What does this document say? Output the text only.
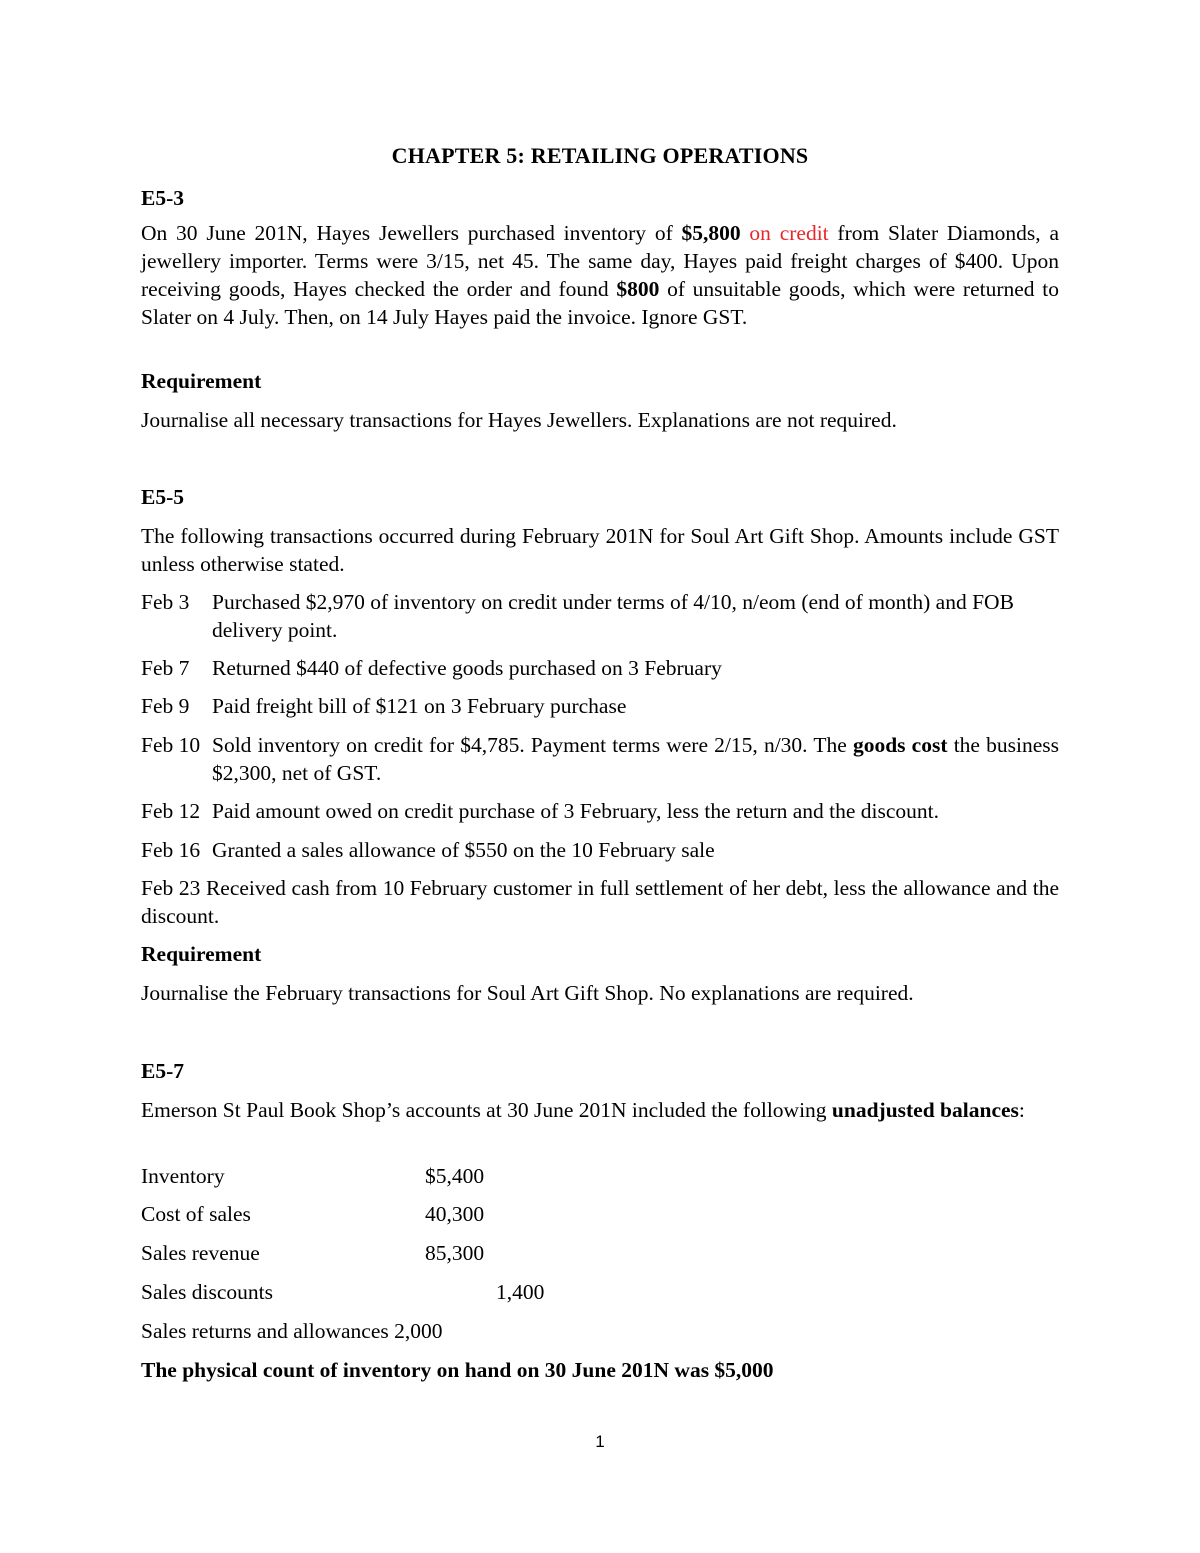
CHAPTER 5: RETAILING OPERATIONS
E5-3
On 30 June 201N, Hayes Jewellers purchased inventory of $5,800 on credit from Slater Diamonds, a jewellery importer. Terms were 3/15, net 45. The same day, Hayes paid freight charges of $400. Upon receiving goods, Hayes checked the order and found $800 of unsuitable goods, which were returned to Slater on 4 July. Then, on 14 July Hayes paid the invoice. Ignore GST.
Requirement
Journalise all necessary transactions for Hayes Jewellers. Explanations are not required.
E5-5
The following transactions occurred during February 201N for Soul Art Gift Shop. Amounts include GST unless otherwise stated.
Feb 3 Purchased $2,970 of inventory on credit under terms of 4/10, n/eom (end of month) and FOB delivery point.
Feb 7 Returned $440 of defective goods purchased on 3 February
Feb 9 Paid freight bill of $121 on 3 February purchase
Feb 10 Sold inventory on credit for $4,785. Payment terms were 2/15, n/30. The goods cost the business $2,300, net of GST.
Feb 12 Paid amount owed on credit purchase of 3 February, less the return and the discount.
Feb 16 Granted a sales allowance of $550 on the 10 February sale
Feb 23 Received cash from 10 February customer in full settlement of her debt, less the allowance and the discount.
Requirement
Journalise the February transactions for Soul Art Gift Shop. No explanations are required.
E5-7
Emerson St Paul Book Shop’s accounts at 30 June 201N included the following unadjusted balances:
Inventory	$5,400
Cost of sales	40,300
Sales revenue	85,300
Sales discounts	1,400
Sales returns and allowances 2,000
The physical count of inventory on hand on 30 June 201N was $5,000
1
